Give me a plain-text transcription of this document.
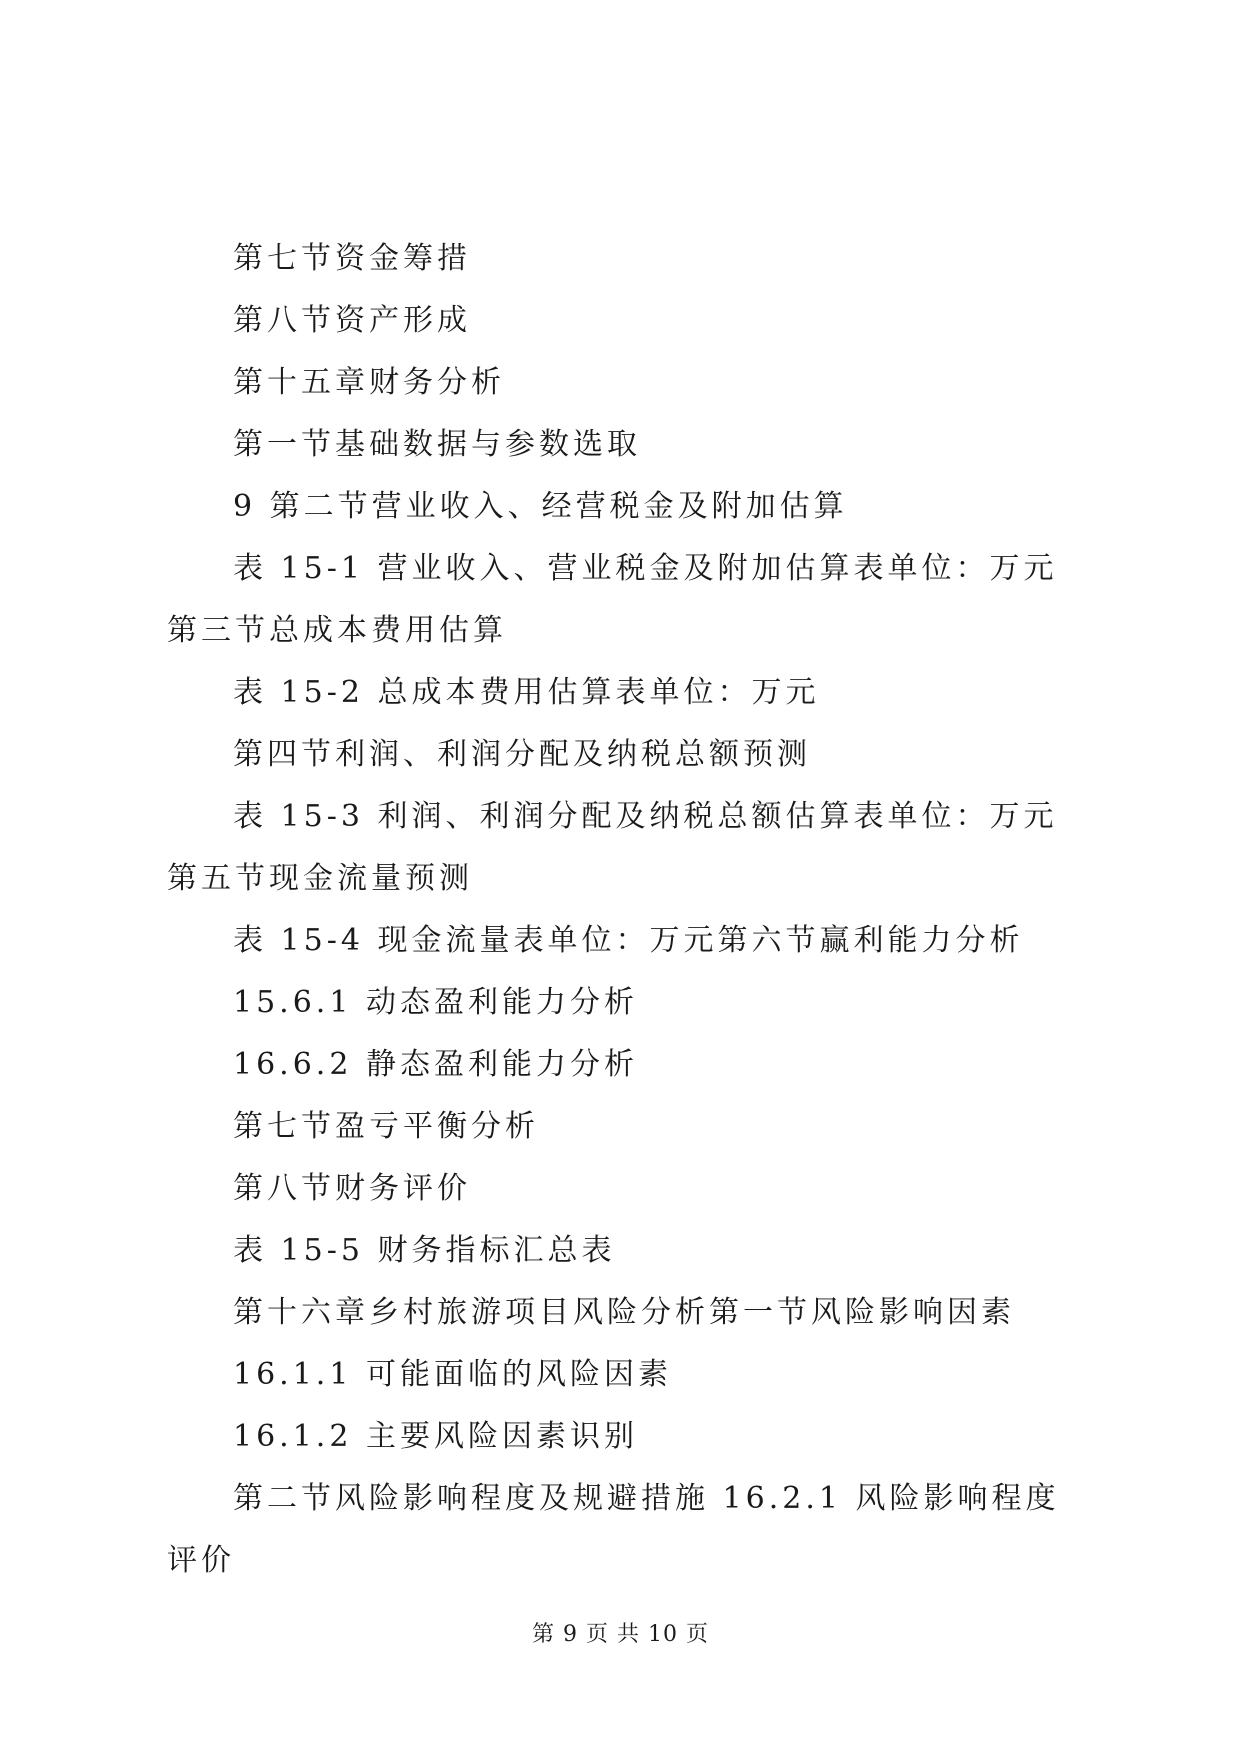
第七节资金筹措

第八节资产形成

第十五章财务分析

第一节基础数据与参数选取

9 第二节营业收入、经营税金及附加估算

表 15-1 营业收入、营业税金及附加估算表单位：万元第三节总成本费用估算

表 15-2 总成本费用估算表单位：万元

第四节利润、利润分配及纳税总额预测

表 15-3 利润、利润分配及纳税总额估算表单位：万元第五节现金流量预测

表 15-4 现金流量表单位：万元第六节赢利能力分析

15.6.1 动态盈利能力分析

16.6.2 静态盈利能力分析

第七节盈亏平衡分析

第八节财务评价

表 15-5 财务指标汇总表

第十六章乡村旅游项目风险分析第一节风险影响因素

16.1.1 可能面临的风险因素

16.1.2 主要风险因素识别

第二节风险影响程度及规避措施 16.2.1 风险影响程度评价

第 9 页 共 10 页
